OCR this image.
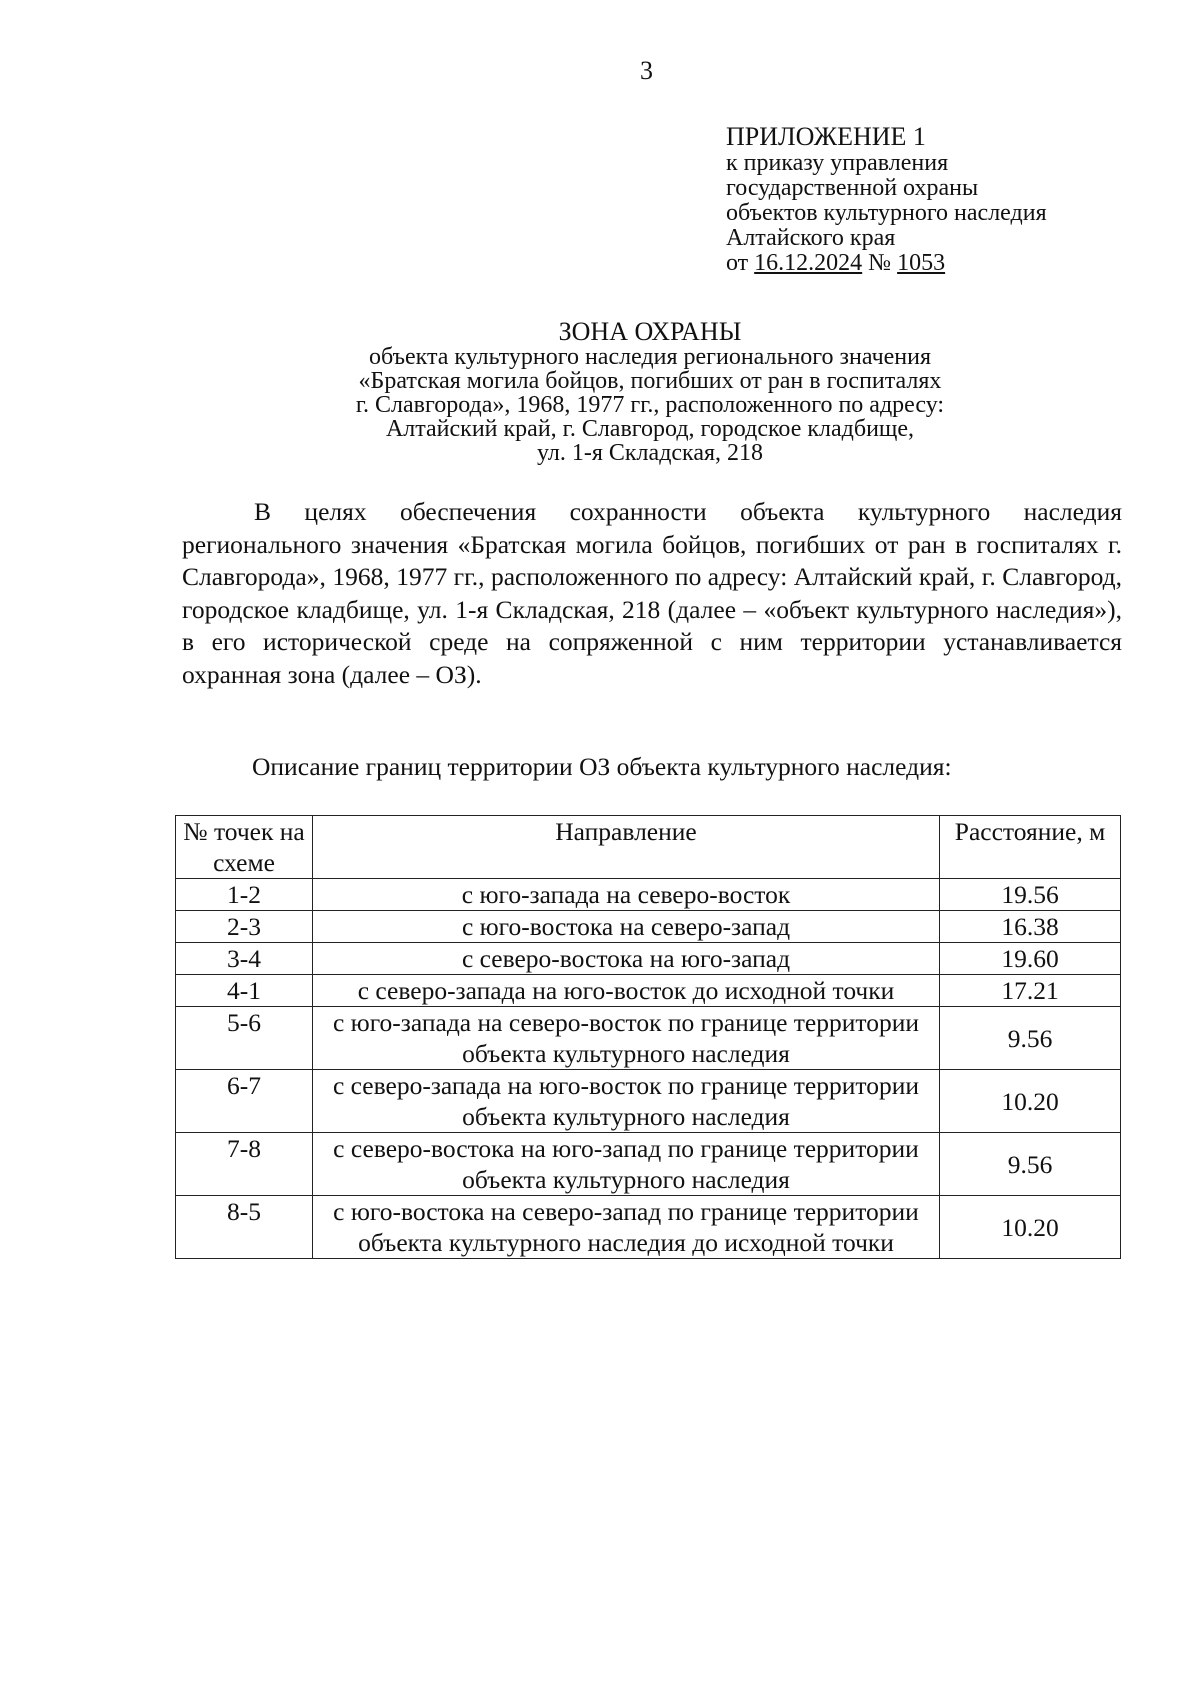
3
ПРИЛОЖЕНИЕ 1
к приказу управления
государственной охраны
объектов культурного наследия
Алтайского края
от 16.12.2024 № 1053
ЗОНА ОХРАНЫ
объекта культурного наследия регионального значения
«Братская могила бойцов, погибших от ран в госпиталях
г. Славгорода», 1968, 1977 гг., расположенного по адресу:
Алтайский край, г. Славгород, городское кладбище,
ул. 1-я Складская, 218

В целях обеспечения сохранности объекта культурного наследия регионального значения «Братская могила бойцов, погибших от ран в госпиталях г. Славгорода», 1968, 1977 гг., расположенного по адресу: Алтайский край, г. Славгород, городское кладбище, ул. 1-я Складская, 218 (далее – «объект культурного наследия»), в его исторической среде на сопряженной с ним территории устанавливается охранная зона (далее – ОЗ).

Описание границ территории ОЗ объекта культурного наследия:
№ точек на схеме	Направление	Расстояние, м
1-2	с юго-запада на северо-восток	19.56
2-3	с юго-востока на северо-запад	16.38
3-4	с северо-востока на юго-запад	19.60
4-1	с северо-запада на юго-восток до исходной точки	17.21
5-6	с юго-запада на северо-восток по границе территории объекта культурного наследия	9.56
6-7	с северо-запада на юго-восток по границе территории объекта культурного наследия	10.20
7-8	с северо-востока на юго-запад по границе территории объекта культурного наследия	9.56
8-5	с юго-востока на северо-запад по границе территории объекта культурного наследия до исходной точки	10.20
